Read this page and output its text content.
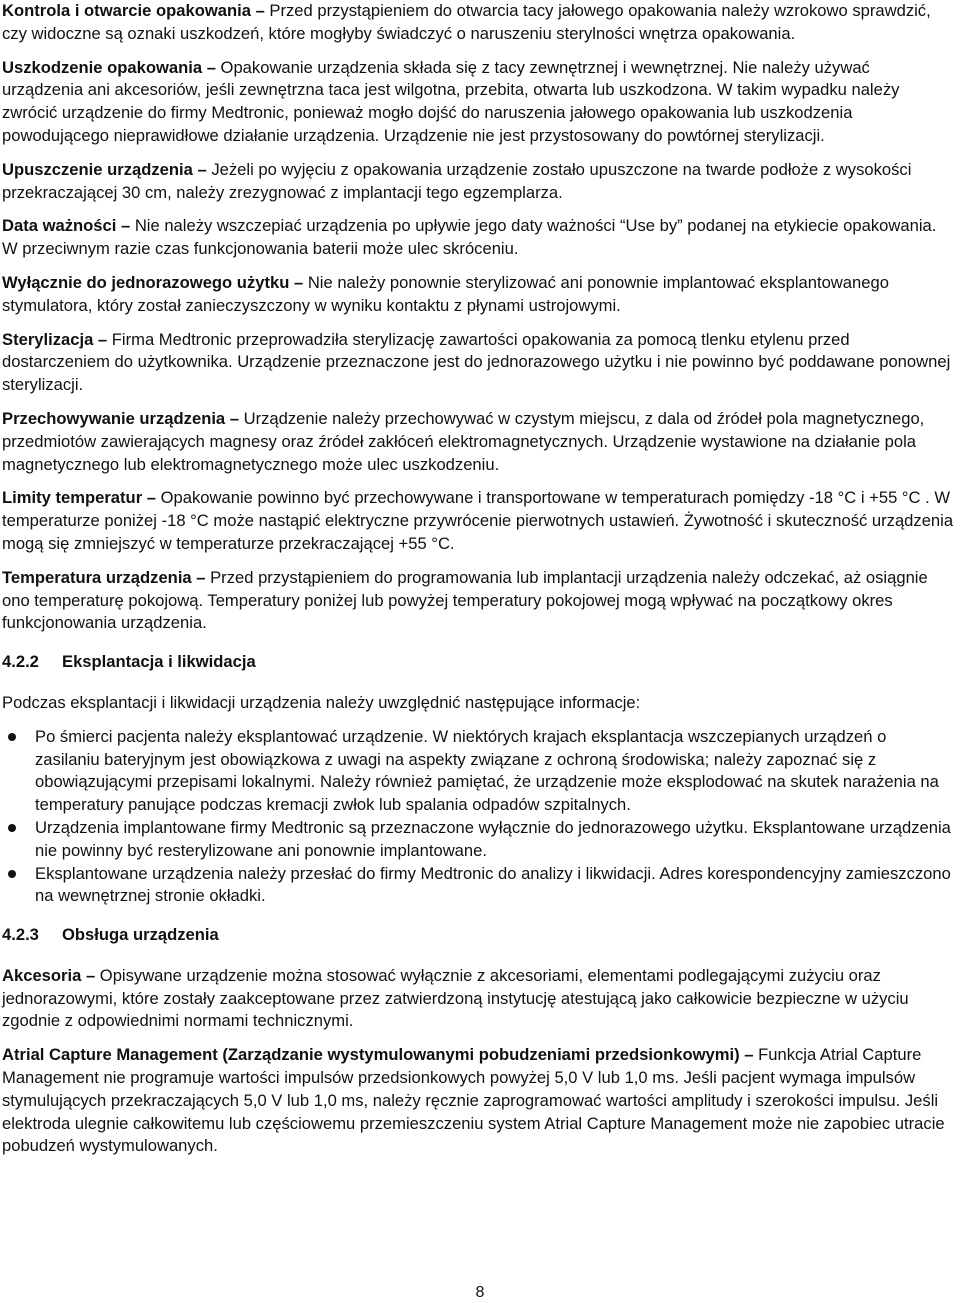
Kontrola i otwarcie opakowania – Przed przystąpieniem do otwarcia tacy jałowego opakowania należy wzrokowo sprawdzić, czy widoczne są oznaki uszkodzeń, które mogłyby świadczyć o naruszeniu sterylności wnętrza opakowania.

Uszkodzenie opakowania – Opakowanie urządzenia składa się z tacy zewnętrznej i wewnętrznej. Nie należy używać urządzenia ani akcesoriów, jeśli zewnętrzna taca jest wilgotna, przebita, otwarta lub uszkodzona. W takim wypadku należy zwrócić urządzenie do firmy Medtronic, ponieważ mogło dojść do naruszenia jałowego opakowania lub uszkodzenia powodującego nieprawidłowe działanie urządzenia. Urządzenie nie jest przystosowany do powtórnej sterylizacji.

Upuszczenie urządzenia – Jeżeli po wyjęciu z opakowania urządzenie zostało upuszczone na twarde podłoże z wysokości przekraczającej 30 cm, należy zrezygnować z implantacji tego egzemplarza.

Data ważności – Nie należy wszczepiać urządzenia po upływie jego daty ważności “Use by” podanej na etykiecie opakowania. W przeciwnym razie czas funkcjonowania baterii może ulec skróceniu.

Wyłącznie do jednorazowego użytku – Nie należy ponownie sterylizować ani ponownie implantować eksplantowanego stymulatora, który został zanieczyszczony w wyniku kontaktu z płynami ustrojowymi.

Sterylizacja – Firma Medtronic przeprowadziła sterylizację zawartości opakowania za pomocą tlenku etylenu przed dostarczeniem do użytkownika. Urządzenie przeznaczone jest do jednorazowego użytku i nie powinno być poddawane ponownej sterylizacji.

Przechowywanie urządzenia – Urządzenie należy przechowywać w czystym miejscu, z dala od źródeł pola magnetycznego, przedmiotów zawierających magnesy oraz źródeł zakłóceń elektromagnetycznych. Urządzenie wystawione na działanie pola magnetycznego lub elektromagnetycznego może ulec uszkodzeniu.

Limity temperatur – Opakowanie powinno być przechowywane i transportowane w temperaturach pomiędzy -18 °C i +55 °C . W temperaturze poniżej -18 °C może nastąpić elektryczne przywrócenie pierwotnych ustawień. Żywotność i skuteczność urządzenia mogą się zmniejszyć w temperaturze przekraczającej +55 °C.

Temperatura urządzenia – Przed przystąpieniem do programowania lub implantacji urządzenia należy odczekać, aż osiągnie ono temperaturę pokojową. Temperatury poniżej lub powyżej temperatury pokojowej mogą wpływać na początkowy okres funkcjonowania urządzenia.

4.2.2 Eksplantacja i likwidacja

Podczas eksplantacji i likwidacji urządzenia należy uwzględnić następujące informacje:

Po śmierci pacjenta należy eksplantować urządzenie. W niektórych krajach eksplantacja wszczepianych urządzeń o zasilaniu bateryjnym jest obowiązkowa z uwagi na aspekty związane z ochroną środowiska; należy zapoznać się z obowiązującymi przepisami lokalnymi. Należy również pamiętać, że urządzenie może eksplodować na skutek narażenia na temperatury panujące podczas kremacji zwłok lub spalania odpadów szpitalnych.
Urządzenia implantowane firmy Medtronic są przeznaczone wyłącznie do jednorazowego użytku. Eksplantowane urządzenia nie powinny być resterylizowane ani ponownie implantowane.
Eksplantowane urządzenia należy przesłać do firmy Medtronic do analizy i likwidacji. Adres korespondencyjny zamieszczono na wewnętrznej stronie okładki.
4.2.3 Obsługa urządzenia

Akcesoria – Opisywane urządzenie można stosować wyłącznie z akcesoriami, elementami podlegającymi zużyciu oraz jednorazowymi, które zostały zaakceptowane przez zatwierdzoną instytucję atestującą jako całkowicie bezpieczne w użyciu zgodnie z odpowiednimi normami technicznymi.

Atrial Capture Management (Zarządzanie wystymulowanymi pobudzeniami przedsionkowymi) – Funkcja Atrial Capture Management nie programuje wartości impulsów przedsionkowych powyżej 5,0 V lub 1,0 ms. Jeśli pacjent wymaga impulsów stymulujących przekraczających 5,0 V lub 1,0 ms, należy ręcznie zaprogramować wartości amplitudy i szerokości impulsu. Jeśli elektroda ulegnie całkowitemu lub częściowemu przemieszczeniu system Atrial Capture Management może nie zapobiec utracie pobudzeń wystymulowanych.

8
